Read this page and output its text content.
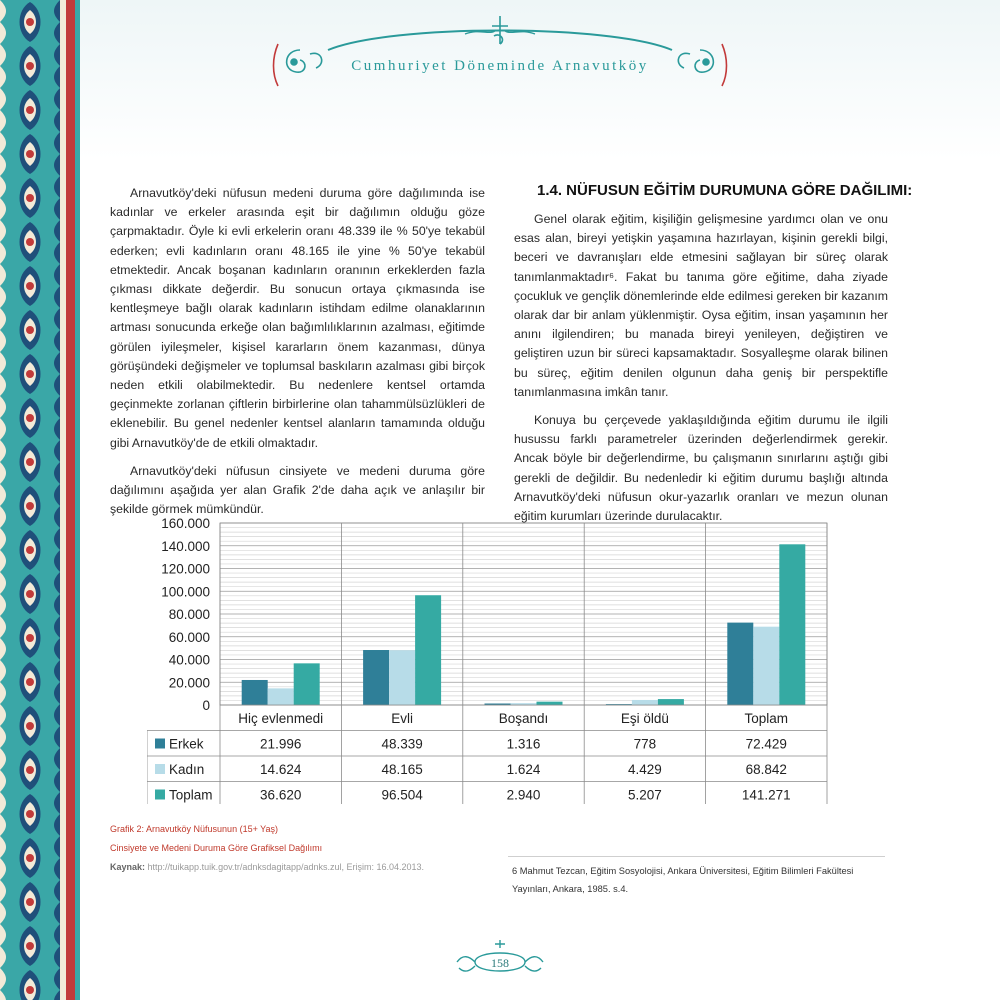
Cumhuriyet Döneminde Arnavutköy

Arnavutköy'deki nüfusun medeni duruma göre dağılımında ise kadınlar ve erkeler arasında eşit bir dağılımın olduğu göze çarpmaktadır. Öyle ki evli erkelerin oranı 48.339 ile % 50'ye tekabül ederken; evli kadınların oranı 48.165 ile yine % 50'ye tekabül etmektedir. Ancak boşanan kadınların oranının erkeklerden fazla çıkması dikkate değerdir. Bu sonucun ortaya çıkmasında ise kentleşmeye bağlı olarak kadınların istihdam edilme olanaklarının artması sonucunda erkeğe olan bağımlılıklarının azalması, eğitimde görülen iyileşmeler, kişisel kararların önem kazanması, dünya görüşündeki değişmeler ve toplumsal baskıların azalması gibi birçok neden etkili olabilmektedir. Bu nedenlere kentsel ortamda geçinmekte zorlanan çiftlerin birbirlerine olan tahammülsüzlükleri de eklenebilir. Bu genel nedenler kentsel alanların tamamında olduğu gibi Arnavutköy'de de etkili olmaktadır.

Arnavutköy'deki nüfusun cinsiyete ve medeni duruma göre dağılımını aşağıda yer alan Grafik 2'de daha açık ve anlaşılır bir şekilde görmek mümkündür.

1.4. NÜFUSUN EĞİTİM DURUMUNA GÖRE DAĞILIMI:

Genel olarak eğitim, kişiliğin gelişmesine yardımcı olan ve onu esas alan, bireyi yetişkin yaşamına hazırlayan, kişinin gerekli bilgi, beceri ve davranışları elde etmesini sağlayan bir süreç olarak tanımlanmaktadır⁶. Fakat bu tanıma göre eğitime, daha ziyade çocukluk ve gençlik dönemlerinde elde edilmesi gereken bir kazanım olarak dar bir anlam yüklenmiştir. Oysa eğitim, insan yaşamının her anını ilgilendiren; bu manada bireyi yenileyen, değiştiren ve geliştiren uzun bir süreci kapsamaktadır. Sosyalleşme olarak bilinen bu süreç, eğitim denilen olgunun daha geniş bir perspektifle tanımlanmasına imkân tanır.

Konuya bu çerçevede yaklaşıldığında eğitim durumu ile ilgili husussu farklı parametreler üzerinden değerlendirmek gerekir. Ancak böyle bir değerlendirme, bu çalışmanın sınırlarını aştığı gibi gerekli de değildir. Bu nedenledir ki eğitim durumu başlığı altında Arnavutköy'deki nüfusun okur-yazarlık oranları ve mezun olunan eğitim kurumları üzerinde durulacaktır.

0
20.000
40.000
60.000
80.000
100.000
120.000
140.000
160.000
Hiç evlenmedi	Evli	Boşandı	Eşi öldü	Toplam
Erkek	21.996	48.339	1.316	778	72.429
Kadın	14.624	48.165	1.624	4.429	68.842
Toplam	36.620	96.504	2.940	5.207	141.271
Grafik 2: Arnavutköy Nüfusunun (15+ Yaş)
Cinsiyete ve Medeni Duruma Göre Grafiksel Dağılımı
Kaynak: http://tuikapp.tuik.gov.tr/adnksdagitapp/adnks.zul, Erişim: 16.04.2013.	6 Mahmut Tezcan, Eğitim Sosyolojisi, Ankara Üniversitesi, Eğitim Bilimleri Fakültesi Yayınları, Ankara, 1985. s.4.
158
